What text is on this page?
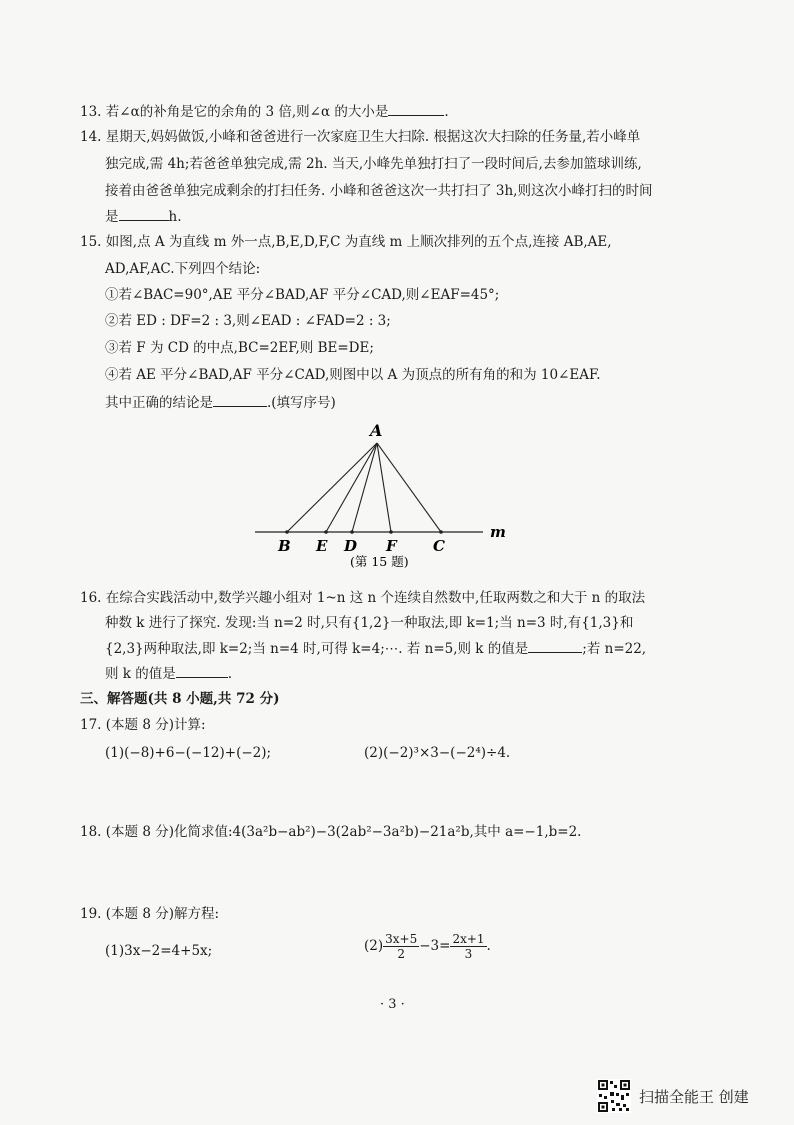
13. 若∠α的补角是它的余角的 3 倍,则∠α 的大小是	.
14. 星期天,妈妈做饭,小峰和爸爸进行一次家庭卫生大扫除. 根据这次大扫除的任务量,若小峰单
独完成,需 4h;若爸爸单独完成,需 2h. 当天,小峰先单独打扫了一段时间后,去参加篮球训练,
接着由爸爸单独完成剩余的打扫任务. 小峰和爸爸这次一共打扫了 3h,则这次小峰打扫的时间
是	h.
15. 如图,点 A 为直线 m 外一点,B,E,D,F,C 为直线 m 上顺次排列的五个点,连接 AB,AE,
AD,AF,AC.下列四个结论:
①若∠BAC=90°,AE 平分∠BAD,AF 平分∠CAD,则∠EAF=45°;
②若 ED : DF=2 : 3,则∠EAD : ∠FAD=2 : 3;
③若 F 为 CD 的中点,BC=2EF,则 BE=DE;
④若 AE 平分∠BAD,AF 平分∠CAD,则图中以 A 为顶点的所有角的和为 10∠EAF.
其中正确的结论是	.(填写序号)
A
B E D F C
m
(第 15 题)
16. 在综合实践活动中,数学兴趣小组对 1~n 这 n 个连续自然数中,任取两数之和大于 n 的取法
种数 k 进行了探究. 发现:当 n=2 时,只有{1,2}一种取法,即 k=1;当 n=3 时,有{1,3}和
{2,3}两种取法,即 k=2;当 n=4 时,可得 k=4;⋯. 若 n=5,则 k 的值是	;若 n=22,
则 k 的值是	.
三、解答题(共 8 小题,共 72 分)
17. (本题 8 分)计算:
(1)(−8)+6−(−12)+(−2);	(2)(−2)³×3−(−2⁴)÷4.
18. (本题 8 分)化简求值:4(3a²b−ab²)−3(2ab²−3a²b)−21a²b,其中 a=−1,b=2.
19. (本题 8 分)解方程:
(1)3x−2=4+5x;	$(2) \frac{3x+5}{2} -3= \frac{2x+1}{3}$ .
· 3 ·
扫描全能王 创建
